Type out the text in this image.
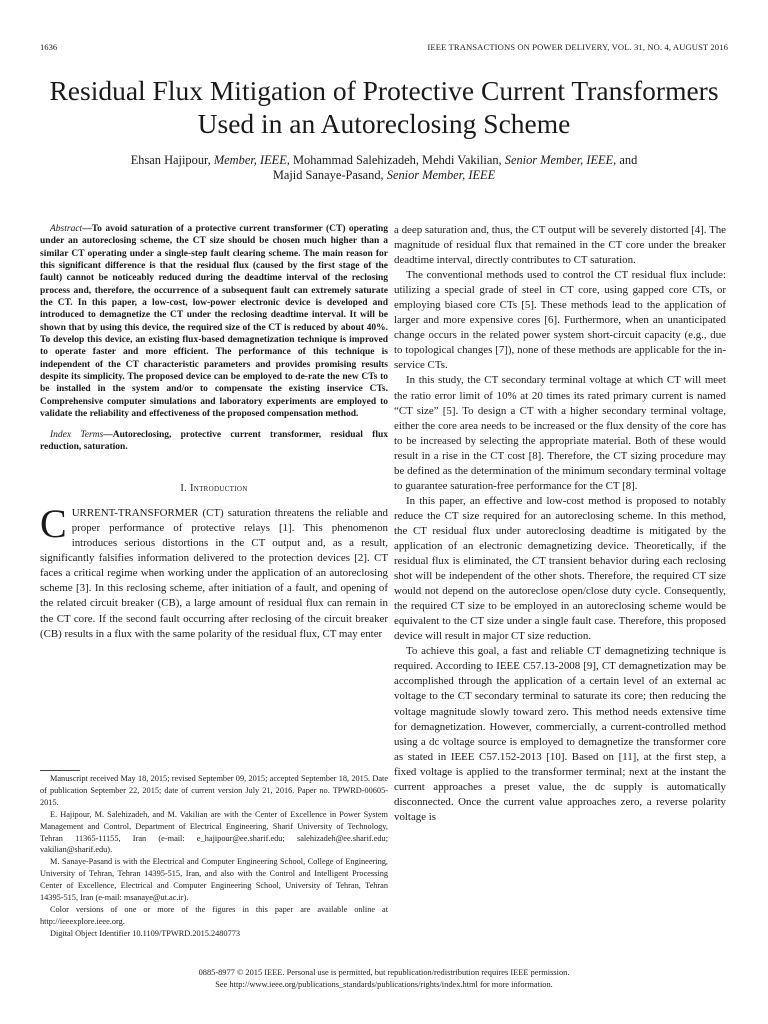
1636	IEEE TRANSACTIONS ON POWER DELIVERY, VOL. 31, NO. 4, AUGUST 2016
Residual Flux Mitigation of Protective Current Transformers Used in an Autoreclosing Scheme
Ehsan Hajipour, Member, IEEE, Mohammad Salehizadeh, Mehdi Vakilian, Senior Member, IEEE, and
Majid Sanaye-Pasand, Senior Member, IEEE

Abstract—To avoid saturation of a protective current transformer (CT) operating under an autoreclosing scheme, the CT size should be chosen much higher than a similar CT operating under a single-step fault clearing scheme. The main reason for this significant difference is that the residual flux (caused by the first stage of the fault) cannot be noticeably reduced during the deadtime interval of the reclosing process and, therefore, the occurrence of a subsequent fault can extremely saturate the CT. In this paper, a low-cost, low-power electronic device is developed and introduced to demagnetize the CT under the reclosing deadtime interval. It will be shown that by using this device, the required size of the CT is reduced by about 40%. To develop this device, an existing flux-based demagnetization technique is improved to operate faster and more efficient. The performance of this technique is independent of the CT characteristic parameters and provides promising results despite its simplicity. The proposed device can be employed to de-rate the new CTs to be installed in the system and/or to compensate the existing inservice CTs. Comprehensive computer simulations and laboratory experiments are employed to validate the reliability and effectiveness of the proposed compensation method.

Index Terms—Autoreclosing, protective current transformer, residual flux reduction, saturation.

I. Introduction

CURRENT-TRANSFORMER (CT) saturation threatens the reliable and proper performance of protective relays [1]. This phenomenon introduces serious distortions in the CT output and, as a result, significantly falsifies information delivered to the protection devices [2]. CT faces a critical regime when working under the application of an autoreclosing scheme [3]. In this reclosing scheme, after initiation of a fault, and opening of the related circuit breaker (CB), a large amount of residual flux can remain in the CT core. If the second fault occurring after reclosing of the circuit breaker (CB) results in a flux with the same polarity of the residual flux, CT may enter

Manuscript received May 18, 2015; revised September 09, 2015; accepted September 18, 2015. Date of publication September 22, 2015; date of current version July 21, 2016. Paper no. TPWRD-00605-2015.

E. Hajipour, M. Salehizadeh, and M. Vakilian are with the Center of Excellence in Power System Management and Control, Department of Electrical Engineering, Sharif University of Technology, Tehran 11365-11155, Iran (e-mail: e_hajipour@ee.sharif.edu; salehizadeh@ee.sharif.edu; vakilian@sharif.edu).

M. Sanaye-Pasand is with the Electrical and Computer Engineering School, College of Engineering, University of Tehran, Tehran 14395-515, Iran, and also with the Control and Intelligent Processing Center of Excellence, Electrical and Computer Engineering School, University of Tehran, Tehran 14395-515, Iran (e-mail: msanaye@ut.ac.ir).

Color versions of one or more of the figures in this paper are available online at http://ieeexplore.ieee.org.

Digital Object Identifier 10.1109/TPWRD.2015.2480773

a deep saturation and, thus, the CT output will be severely distorted [4]. The magnitude of residual flux that remained in the CT core under the breaker deadtime interval, directly contributes to CT saturation.

The conventional methods used to control the CT residual flux include: utilizing a special grade of steel in CT core, using gapped core CTs, or employing biased core CTs [5]. These methods lead to the application of larger and more expensive cores [6]. Furthermore, when an unanticipated change occurs in the related power system short-circuit capacity (e.g., due to topological changes [7]), none of these methods are applicable for the in-service CTs.

In this study, the CT secondary terminal voltage at which CT will meet the ratio error limit of 10% at 20 times its rated primary current is named “CT size” [5]. To design a CT with a higher secondary terminal voltage, either the core area needs to be increased or the flux density of the core has to be increased by selecting the appropriate material. Both of these would result in a rise in the CT cost [8]. Therefore, the CT sizing procedure may be defined as the determination of the minimum secondary terminal voltage to guarantee saturation-free performance for the CT [8].

In this paper, an effective and low-cost method is proposed to notably reduce the CT size required for an autoreclosing scheme. In this method, the CT residual flux under autoreclosing deadtime is mitigated by the application of an electronic demagnetizing device. Theoretically, if the residual flux is eliminated, the CT transient behavior during each reclosing shot will be independent of the other shots. Therefore, the required CT size would not depend on the autoreclose open/close duty cycle. Consequently, the required CT size to be employed in an autoreclosing scheme would be equivalent to the CT size under a single fault case. Therefore, this proposed device will result in major CT size reduction.

To achieve this goal, a fast and reliable CT demagnetizing technique is required. According to IEEE C57.13-2008 [9], CT demagnetization may be accomplished through the application of a certain level of an external ac voltage to the CT secondary terminal to saturate its core; then reducing the voltage magnitude slowly toward zero. This method needs extensive time for demagnetization. However, commercially, a current-controlled method using a dc voltage source is employed to demagnetize the transformer core as stated in IEEE C57.152-2013 [10]. Based on [11], at the first step, a fixed voltage is applied to the transformer terminal; next at the instant the current approaches a preset value, the dc supply is automatically disconnected. Once the current value approaches zero, a reverse polarity voltage is

0885-8977 © 2015 IEEE. Personal use is permitted, but republication/redistribution requires IEEE permission.
See http://www.ieee.org/publications_standards/publications/rights/index.html for more information.
